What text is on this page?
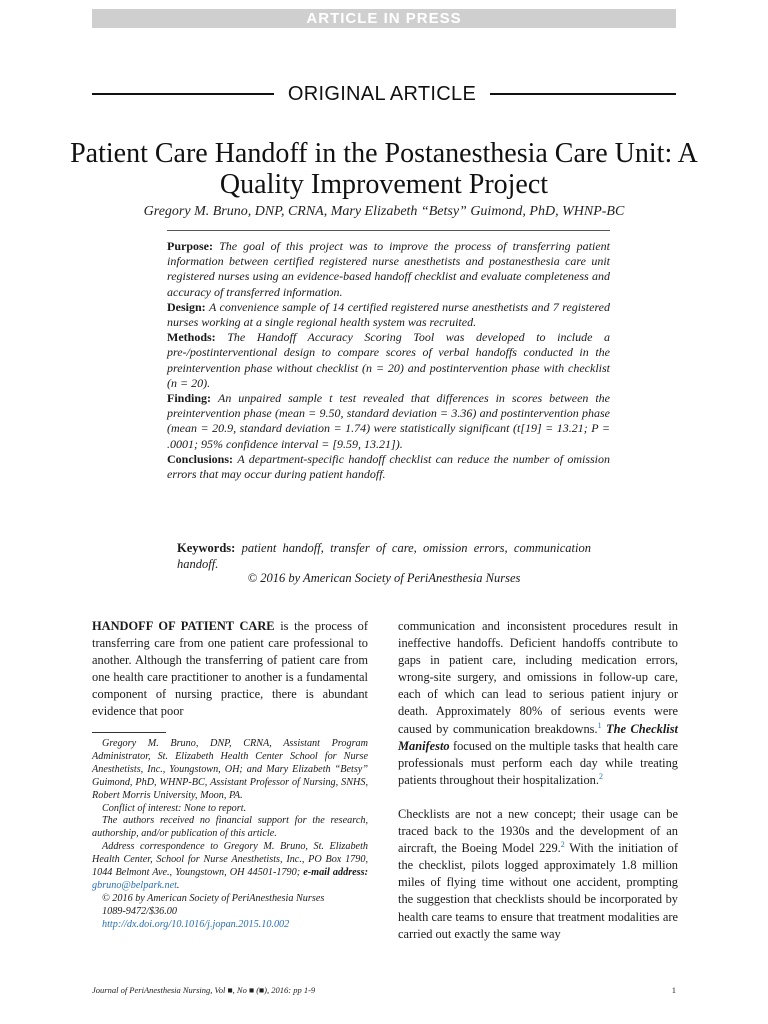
ARTICLE IN PRESS
ORIGINAL ARTICLE
Patient Care Handoff in the Postanesthesia Care Unit: A Quality Improvement Project
Gregory M. Bruno, DNP, CRNA, Mary Elizabeth “Betsy” Guimond, PhD, WHNP-BC

Purpose: The goal of this project was to improve the process of transferring patient information between certified registered nurse anesthetists and postanesthesia care unit registered nurses using an evidence-based handoff checklist and evaluate completeness and accuracy of transferred information.

Design: A convenience sample of 14 certified registered nurse anesthetists and 7 registered nurses working at a single regional health system was recruited.

Methods: The Handoff Accuracy Scoring Tool was developed to include a pre-/postinterventional design to compare scores of verbal handoffs conducted in the preintervention phase without checklist (n = 20) and postintervention phase with checklist (n = 20).

Finding: An unpaired sample t test revealed that differences in scores between the preintervention phase (mean = 9.50, standard deviation = 3.36) and postintervention phase (mean = 20.9, standard deviation = 1.74) were statistically significant (t[19] = 13.21; P = .0001; 95% confidence interval = [9.59, 13.21]).

Conclusions: A department-specific handoff checklist can reduce the number of omission errors that may occur during patient handoff.

Keywords: patient handoff, transfer of care, omission errors, communication handoff.
© 2016 by American Society of PeriAnesthesia Nurses

HANDOFF OF PATIENT CARE is the process of transferring care from one patient care professional to another. Although the transferring of patient care from one health care practitioner to another is a fundamental component of nursing practice, there is abundant evidence that poor

Gregory M. Bruno, DNP, CRNA, Assistant Program Administrator, St. Elizabeth Health Center School for Nurse Anesthetists, Inc., Youngstown, OH; and Mary Elizabeth “Betsy” Guimond, PhD, WHNP-BC, Assistant Professor of Nursing, SNHS, Robert Morris University, Moon, PA.

Conflict of interest: None to report.

The authors received no financial support for the research, authorship, and/or publication of this article.

Address correspondence to Gregory M. Bruno, St. Elizabeth Health Center, School for Nurse Anesthetists, Inc., PO Box 1790, 1044 Belmont Ave., Youngstown, OH 44501-1790; e-mail address: gbruno@belpark.net.

© 2016 by American Society of PeriAnesthesia Nurses

1089-9472/$36.00

http://dx.doi.org/10.1016/j.jopan.2015.10.002

communication and inconsistent procedures result in ineffective handoffs. Deficient handoffs contribute to gaps in patient care, including medication errors, wrong-site surgery, and omissions in follow-up care, each of which can lead to serious patient injury or death. Approximately 80% of serious events were caused by communication breakdowns.$^1$ The Checklist Manifesto focused on the multiple tasks that health care professionals must perform each day while treating patients throughout their hospitalization.$^2$

Checklists are not a new concept; their usage can be traced back to the 1930s and the development of an aircraft, the Boeing Model 229.$^2$ With the initiation of the checklist, pilots logged approximately 1.8 million miles of flying time without one accident, prompting the suggestion that checklists should be incorporated by health care teams to ensure that treatment modalities are carried out exactly the same way

Journal of PeriAnesthesia Nursing, Vol ■, No ■ (■), 2016: pp 1-9	1
